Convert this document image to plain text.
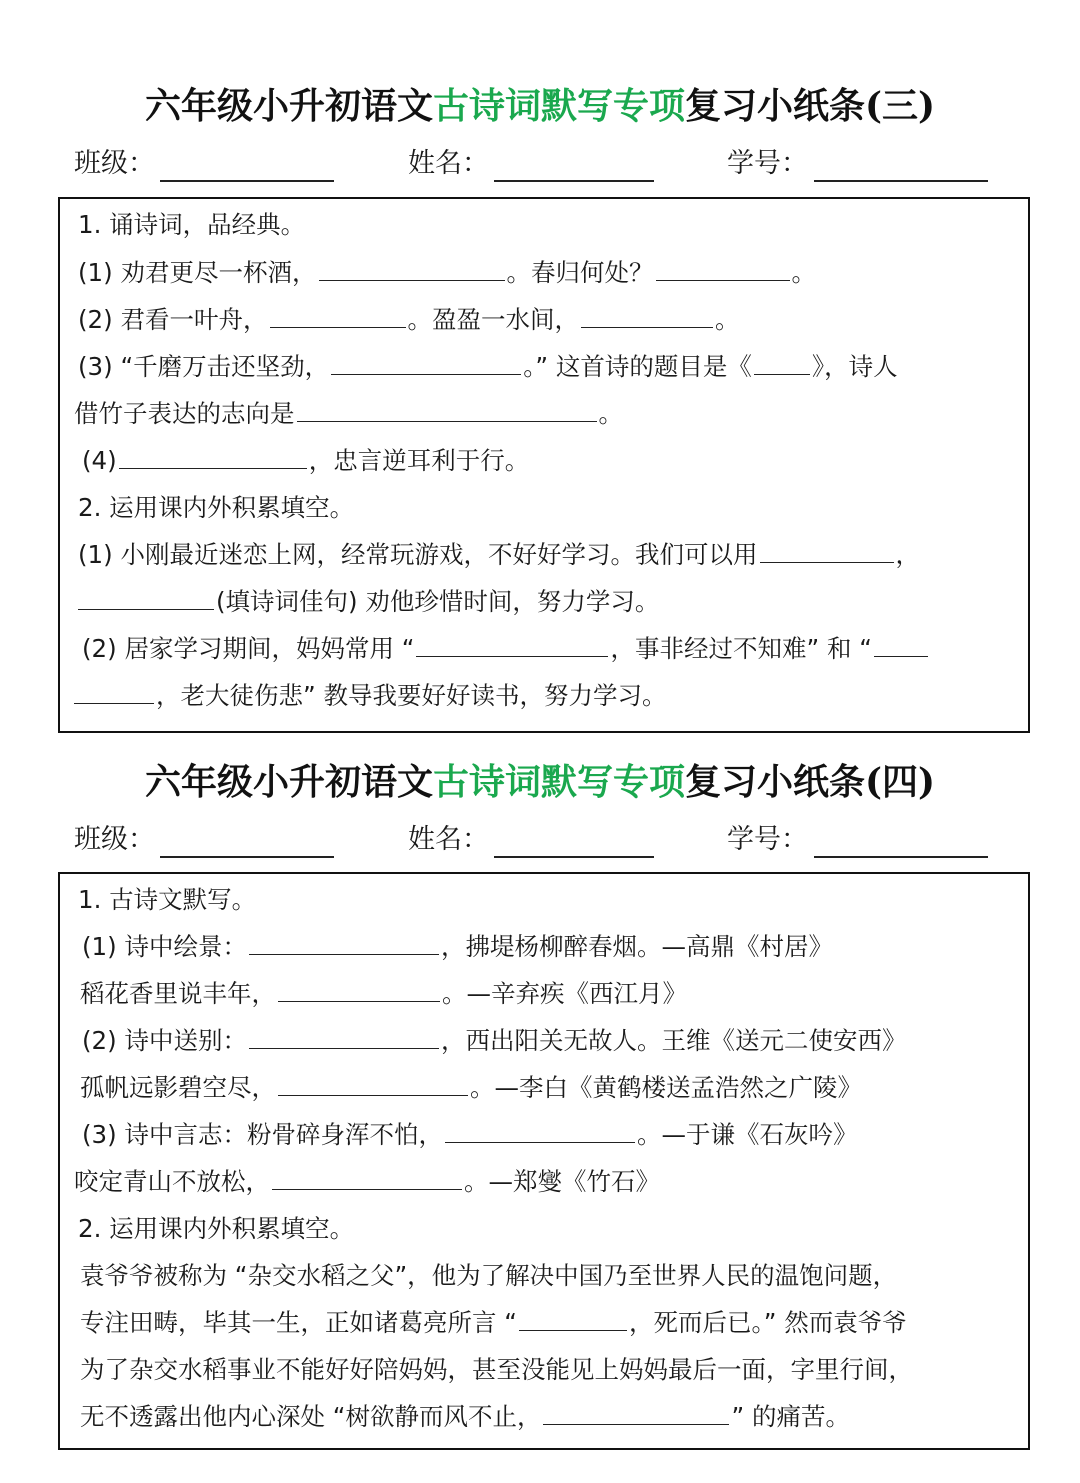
六年级小升初语文古诗词默写专项复习小纸条(三)
班级：	姓名：	学号：
1. 诵诗词，品经典。
(1) 劝君更尽一杯酒，	。春归何处？	。
(2) 君看一叶舟，	。盈盈一水间，	。
(3) “千磨万击还坚劲，	。” 这首诗的题目是《 》，诗人
借竹子表达的志向是	。
(4)	，忠言逆耳利于行。
2. 运用课内外积累填空。
(1) 小刚最近迷恋上网，经常玩游戏，不好好学习。我们可以用	，
(填诗词佳句) 劝他珍惜时间，努力学习。
(2) 居家学习期间，妈妈常用 “	，事非经过不知难” 和 “
，老大徒伤悲” 教导我要好好读书，努力学习。
六年级小升初语文古诗词默写专项复习小纸条(四)
班级：	姓名：	学号：
1. 古诗文默写。
(1) 诗中绘景：	，拂堤杨柳醉春烟。—高鼎《村居》
稻花香里说丰年，	。—辛弃疾《西江月》
(2) 诗中送别：	，西出阳关无故人。王维《送元二使安西》
孤帆远影碧空尽，	。—李白《黄鹤楼送孟浩然之广陵》
(3) 诗中言志：粉骨碎身浑不怕，	。—于谦《石灰吟》
咬定青山不放松，	。—郑燮《竹石》
2. 运用课内外积累填空。
袁爷爷被称为 “杂交水稻之父”，他为了解决中国乃至世界人民的温饱问题，
专注田畴，毕其一生，正如诸葛亮所言 “	，死而后已。” 然而袁爷爷
为了杂交水稻事业不能好好陪妈妈，甚至没能见上妈妈最后一面，字里行间，
无不透露出他内心深处 “树欲静而风不止，	” 的痛苦。
